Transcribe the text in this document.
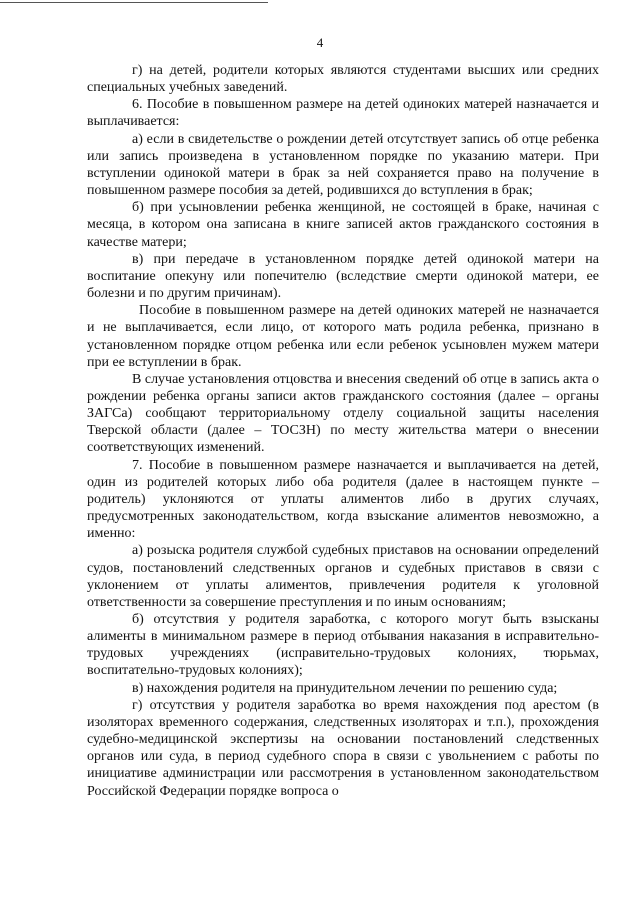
4

г) на детей, родители которых являются студентами высших или средних специальных учебных заведений.

6. Пособие в повышенном размере на детей одиноких матерей назначается и выплачивается:

а) если в свидетельстве о рождении детей отсутствует запись об отце ребенка или запись произведена в установленном порядке по указанию матери. При вступлении одинокой матери в брак за ней сохраняется право на получение в повышенном размере пособия за детей, родившихся до вступления в брак;

б) при усыновлении ребенка женщиной, не состоящей в браке, начиная с месяца, в котором она записана в книге записей актов гражданского состояния в качестве матери;

в) при передаче в установленном порядке детей одинокой матери на воспитание опекуну или попечителю (вследствие смерти одинокой матери, ее болезни и по другим причинам).

Пособие в повышенном размере на детей одиноких матерей не назначается и не выплачивается, если лицо, от которого мать родила ребенка, признано в установленном порядке отцом ребенка или если ребенок усыновлен мужем матери при ее вступлении в брак.

В случае установления отцовства и внесения сведений об отце в запись акта о рождении ребенка органы записи актов гражданского состояния (далее – органы ЗАГСа) сообщают территориальному отделу социальной защиты населения Тверской области (далее – ТОСЗН) по месту жительства матери о внесении соответствующих изменений.

7. Пособие в повышенном размере назначается и выплачивается на детей, один из родителей которых либо оба родителя (далее в настоящем пункте – родитель) уклоняются от уплаты алиментов либо в других случаях, предусмотренных законодательством, когда взыскание алиментов невозможно, а именно:

а) розыска родителя службой судебных приставов на основании определений судов, постановлений следственных органов и судебных приставов в связи с уклонением от уплаты алиментов, привлечения родителя к уголовной ответственности за совершение преступления и по иным основаниям;

б) отсутствия у родителя заработка, с которого могут быть взысканы алименты в минимальном размере в период отбывания наказания в исправительно-трудовых учреждениях (исправительно-трудовых колониях, тюрьмах, воспитательно-трудовых колониях);

в) нахождения родителя на принудительном лечении по решению суда;

г) отсутствия у родителя заработка во время нахождения под арестом (в изоляторах временного содержания, следственных изоляторах и т.п.), прохождения судебно-медицинской экспертизы на основании постановлений следственных органов или суда, в период судебного спора в связи с увольнением с работы по инициативе администрации или рассмотрения в установленном законодательством Российской Федерации порядке вопроса о
